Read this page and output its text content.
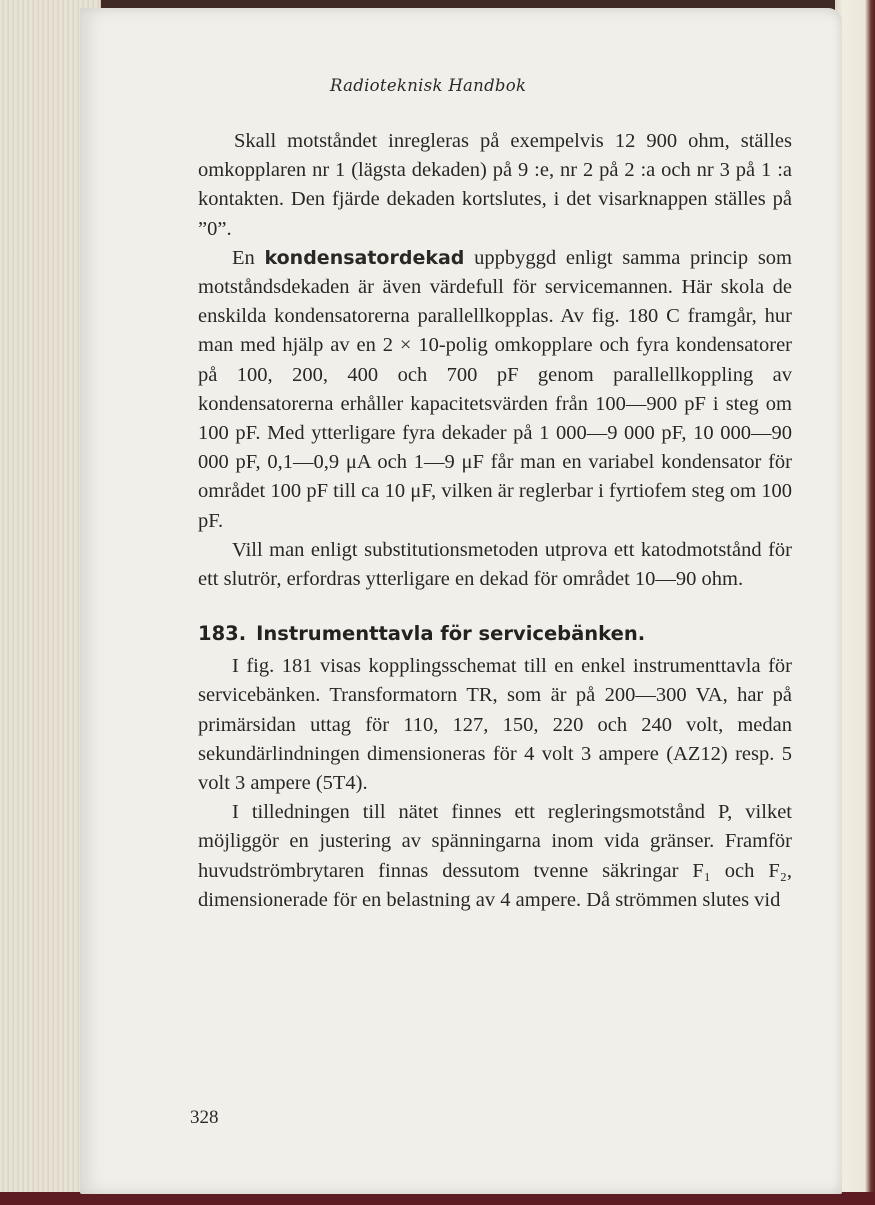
Radioteknisk Handbok

Skall motståndet inregleras på exempelvis 12 900 ohm, ställes omkopplaren nr 1 (lägsta dekaden) på 9 :e, nr 2 på 2 :a och nr 3 på 1 :a kontakten. Den fjärde dekaden kortslutes, i det visarknappen ställes på ”0”.

En kondensatordekad uppbyggd enligt samma princip som motståndsdekaden är även värdefull för servicemannen. Här skola de enskilda kondensatorerna parallellkopplas. Av fig. 180 C framgår, hur man med hjälp av en 2 × 10-polig omkopplare och fyra kondensatorer på 100, 200, 400 och 700 pF genom parallellkoppling av kondensatorerna erhåller kapacitetsvärden från 100—900 pF i steg om 100 pF. Med ytterligare fyra dekader på 1 000—9 000 pF, 10 000—90 000 pF, 0,1—0,9 μA och 1—9 μF får man en variabel kondensator för området 100 pF till ca 10 μF, vilken är reglerbar i fyrtiofem steg om 100 pF.

Vill man enligt substitutionsmetoden utprova ett katodmotstånd för ett slutrör, erfordras ytterligare en dekad för området 10—90 ohm.

183. Instrumenttavla för servicebänken.

I fig. 181 visas kopplingsschemat till en enkel instrumenttavla för servicebänken. Transformatorn TR, som är på 200—300 VA, har på primärsidan uttag för 110, 127, 150, 220 och 240 volt, medan sekundärlindningen dimensioneras för 4 volt 3 ampere (AZ12) resp. 5 volt 3 ampere (5T4).

I tilledningen till nätet finnes ett regleringsmotstånd P, vilket möjliggör en justering av spänningarna inom vida gränser. Framför huvudströmbrytaren finnas dessutom tvenne säkringar F₁ och F₂, dimensionerade för en belastning av 4 ampere. Då strömmen slutes vid

328
